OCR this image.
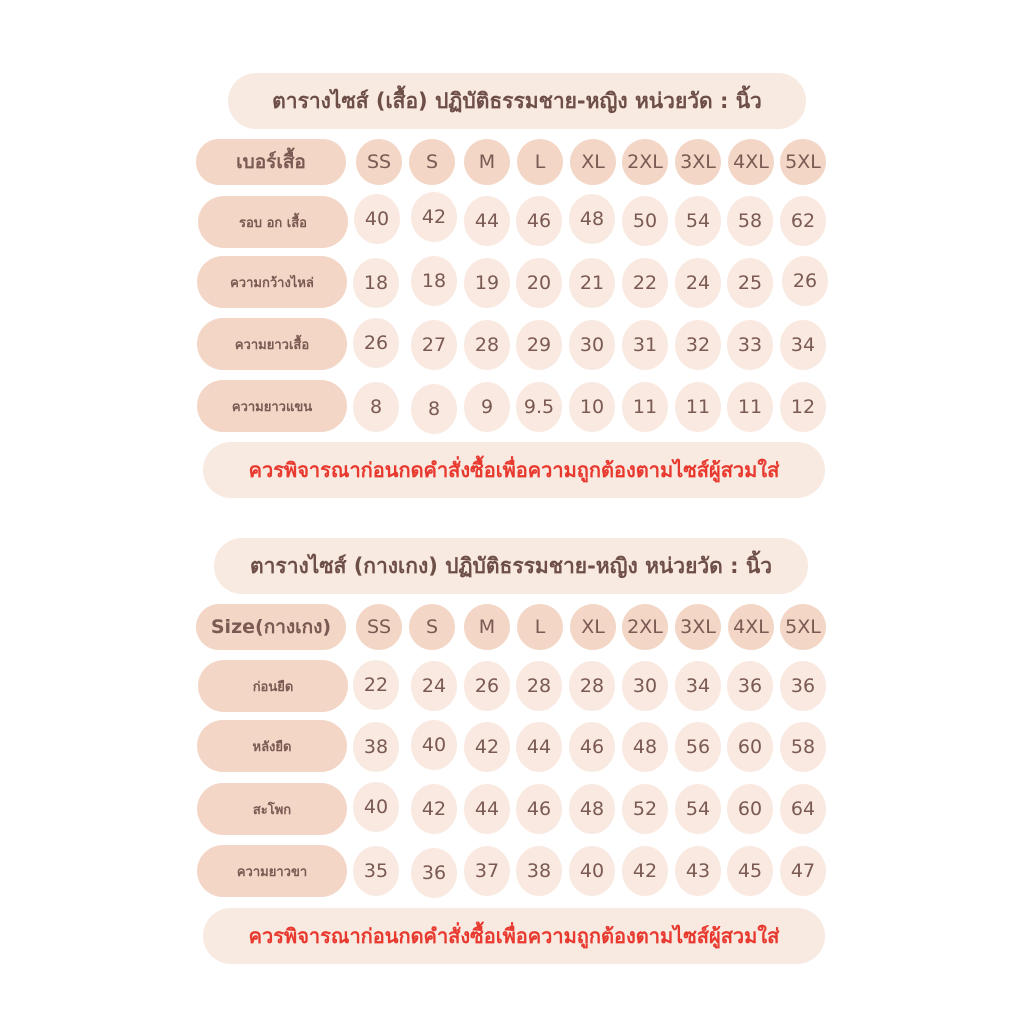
ตารางไซส์ (เสื้อ) ปฏิบัติธรรมชาย-หญิง หน่วยวัด : นิ้ว
เบอร์เสื้อ	SS	S	M	L	XL	2XL 3XL 4XL 5XL
รอบ อก เสื้อ	40	42	44	46	48	50	54	58	62
ความกว้างไหล่	18	18	19	20	21	22	24	25	26
ความยาวเสื้อ	26	27	28	29	30	31	32	33	34
ความยาวแขน	8	8	9	9.5	10	11	11	11	12
ควรพิจารณาก่อนกดคำสั่งซื้อเพื่อความถูกต้องตามไซส์ผู้สวมใส่
ตารางไซส์ (กางเกง) ปฏิบัติธรรมชาย-หญิง หน่วยวัด : นิ้ว
Size(กางเกง)	SS	S	M	L	XL	2XL 3XL 4XL 5XL
ก่อนยืด	22	24	26	28	28	30	34	36	36
หลังยืด	38	40	42	44	46	48	56	60	58
สะโพก	40	42	44	46	48	52	54	60	64
ความยาวขา	35	36	37	38	40	42	43	45	47
ควรพิจารณาก่อนกดคำสั่งซื้อเพื่อความถูกต้องตามไซส์ผู้สวมใส่
